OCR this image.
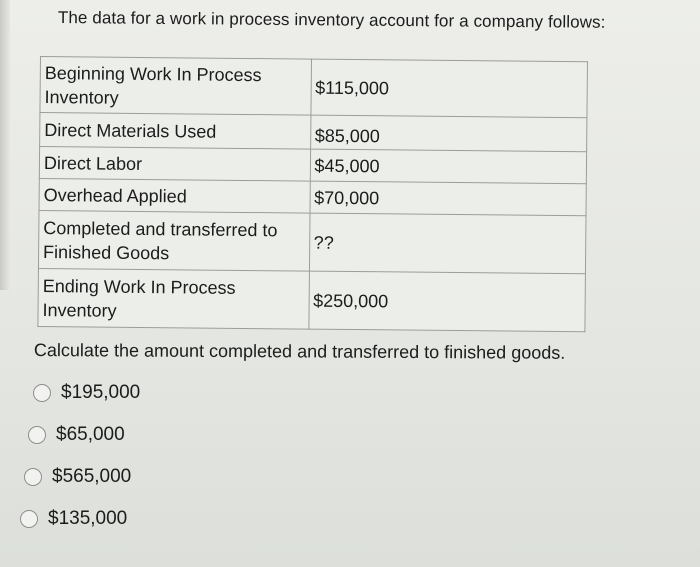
The data for a work in process inventory account for a company follows:
Beginning Work In Process Inventory	$115,000
Direct Materials Used	$85,000
Direct Labor	$45,000
Overhead Applied	$70,000
Completed and transferred to Finished Goods	??
Ending Work In Process Inventory	$250,000
Calculate the amount completed and transferred to finished goods.
$195,000
$65,000
$565,000
$135,000
